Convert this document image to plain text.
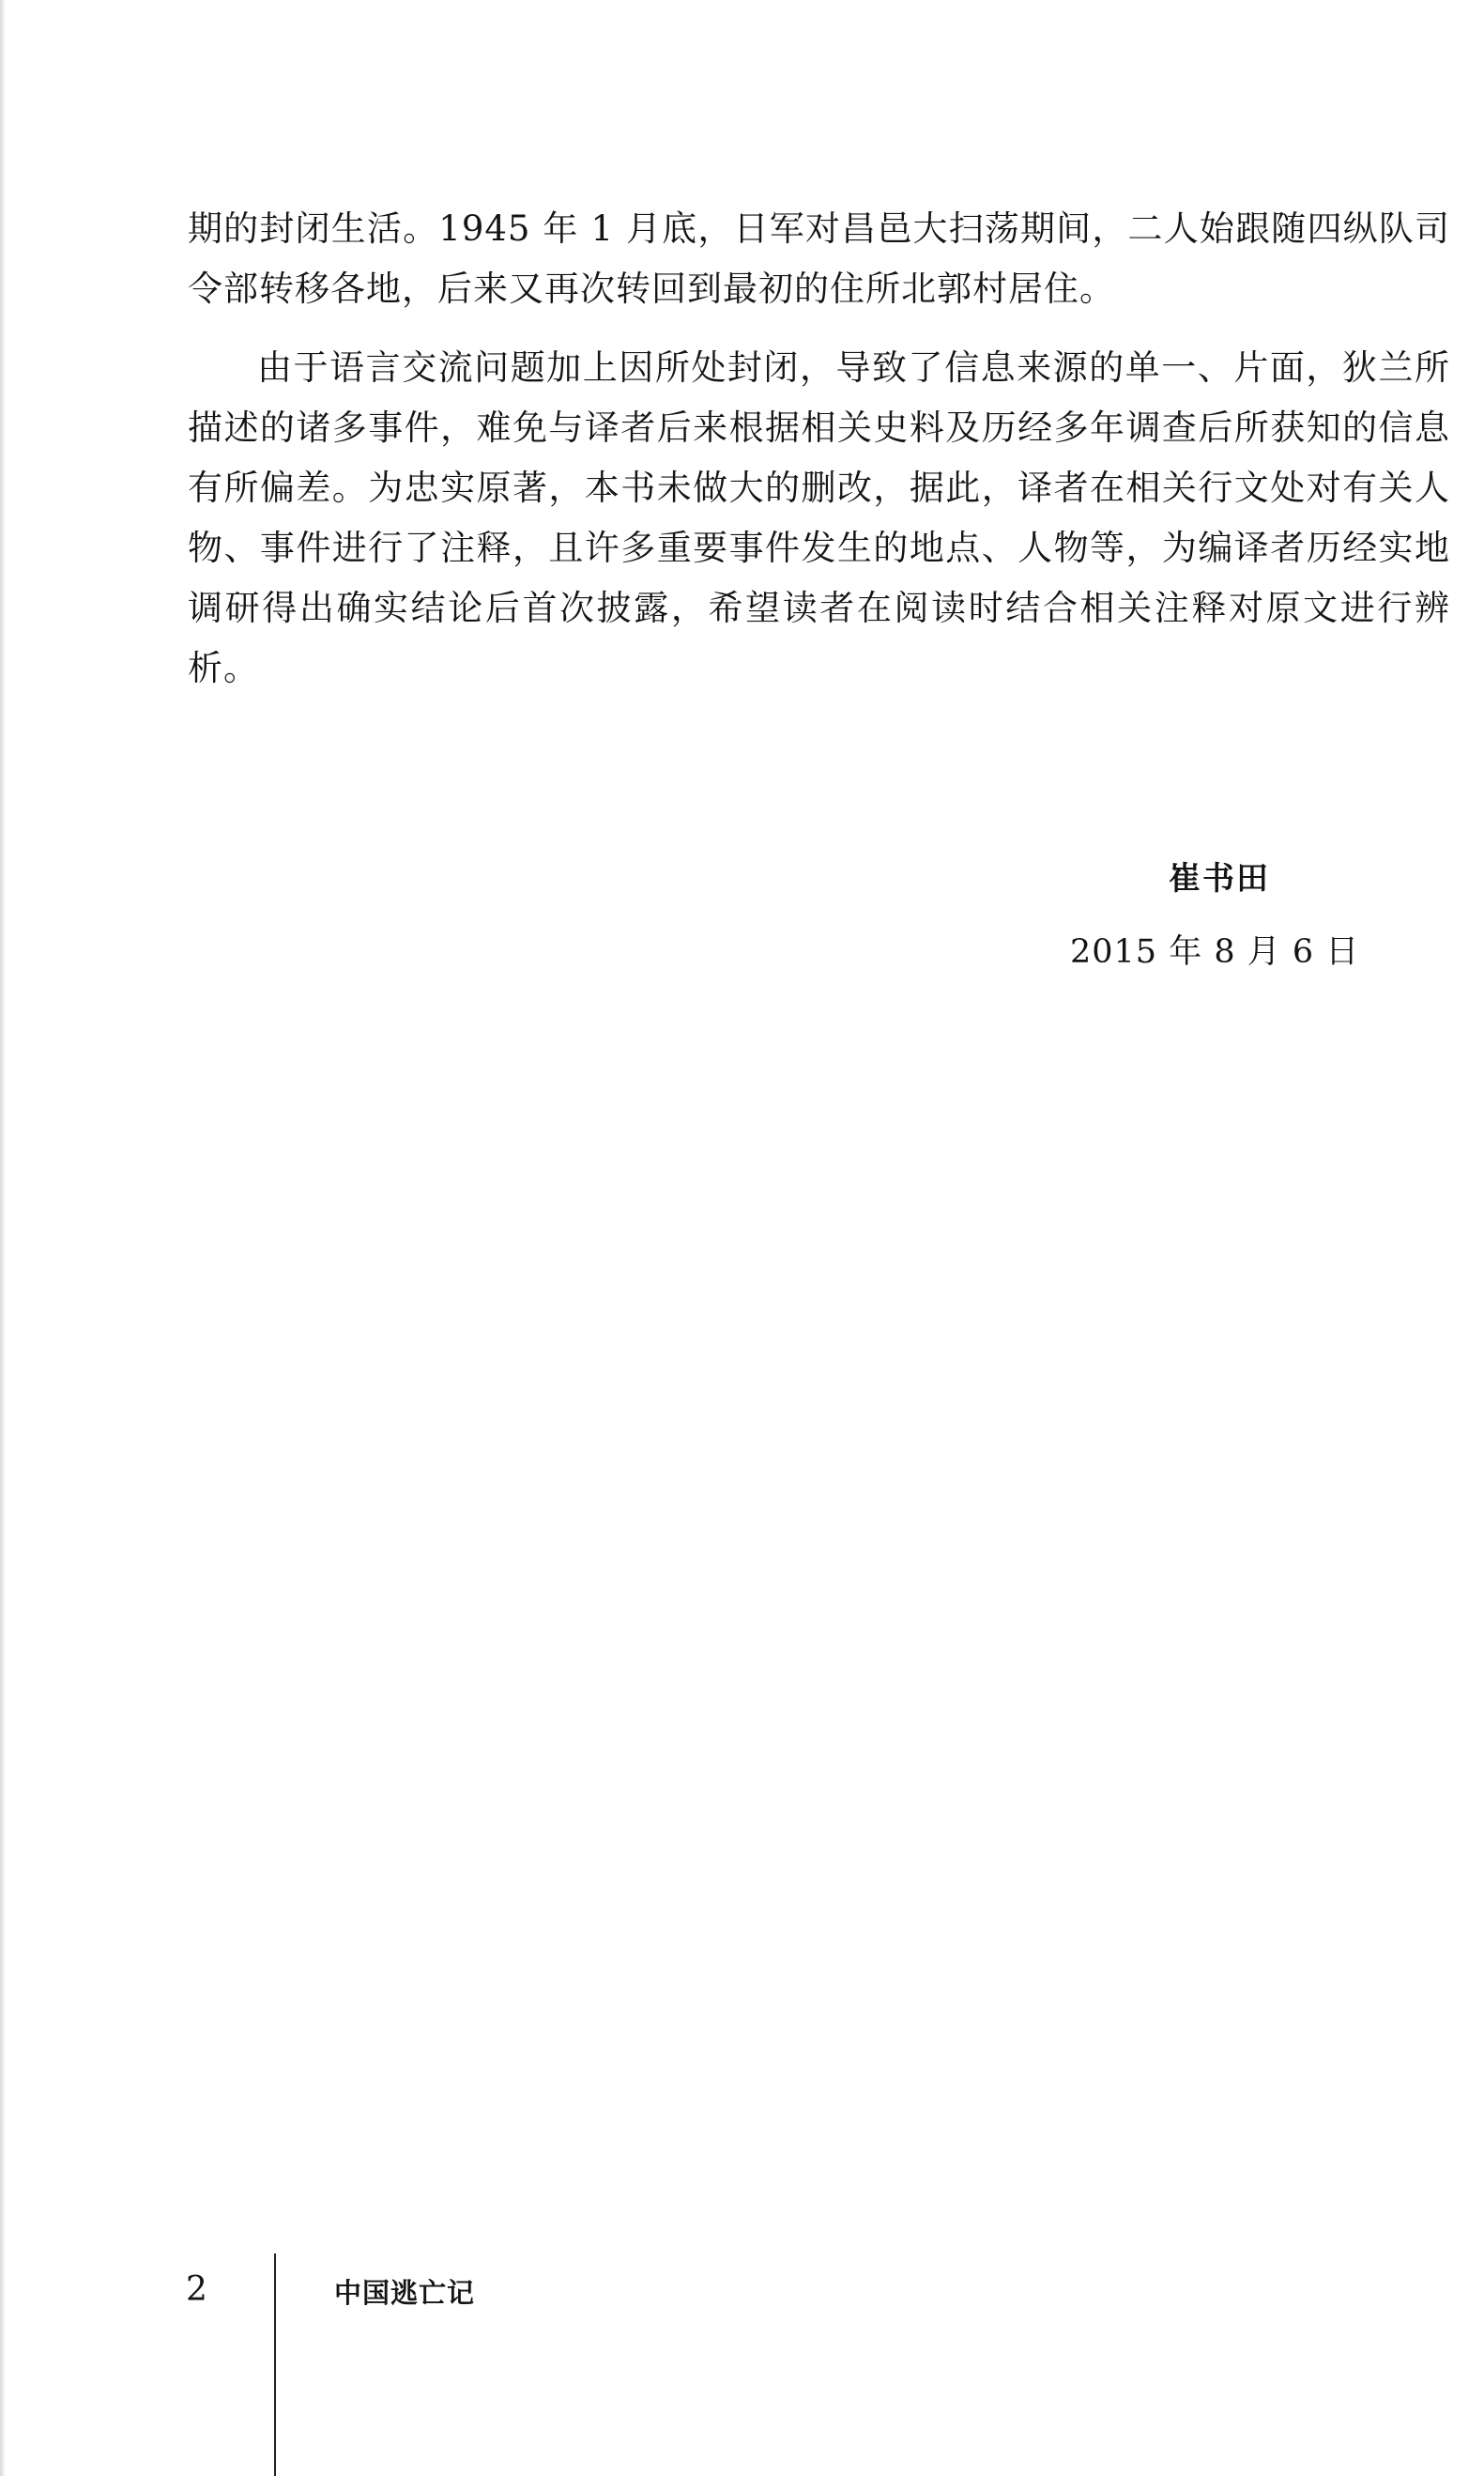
期的封闭生活。1945 年 1 月底，日军对昌邑大扫荡期间，二人始跟随四纵队司令部转移各地，后来又再次转回到最初的住所北郭村居住。

由于语言交流问题加上因所处封闭，导致了信息来源的单一、片面，狄兰所描述的诸多事件，难免与译者后来根据相关史料及历经多年调查后所获知的信息有所偏差。为忠实原著，本书未做大的删改，据此，译者在相关行文处对有关人物、事件进行了注释，且许多重要事件发生的地点、人物等，为编译者历经实地调研得出确实结论后首次披露，希望读者在阅读时结合相关注释对原文进行辨析。

崔书田
2015 年 8 月 6 日
2	中国逃亡记
